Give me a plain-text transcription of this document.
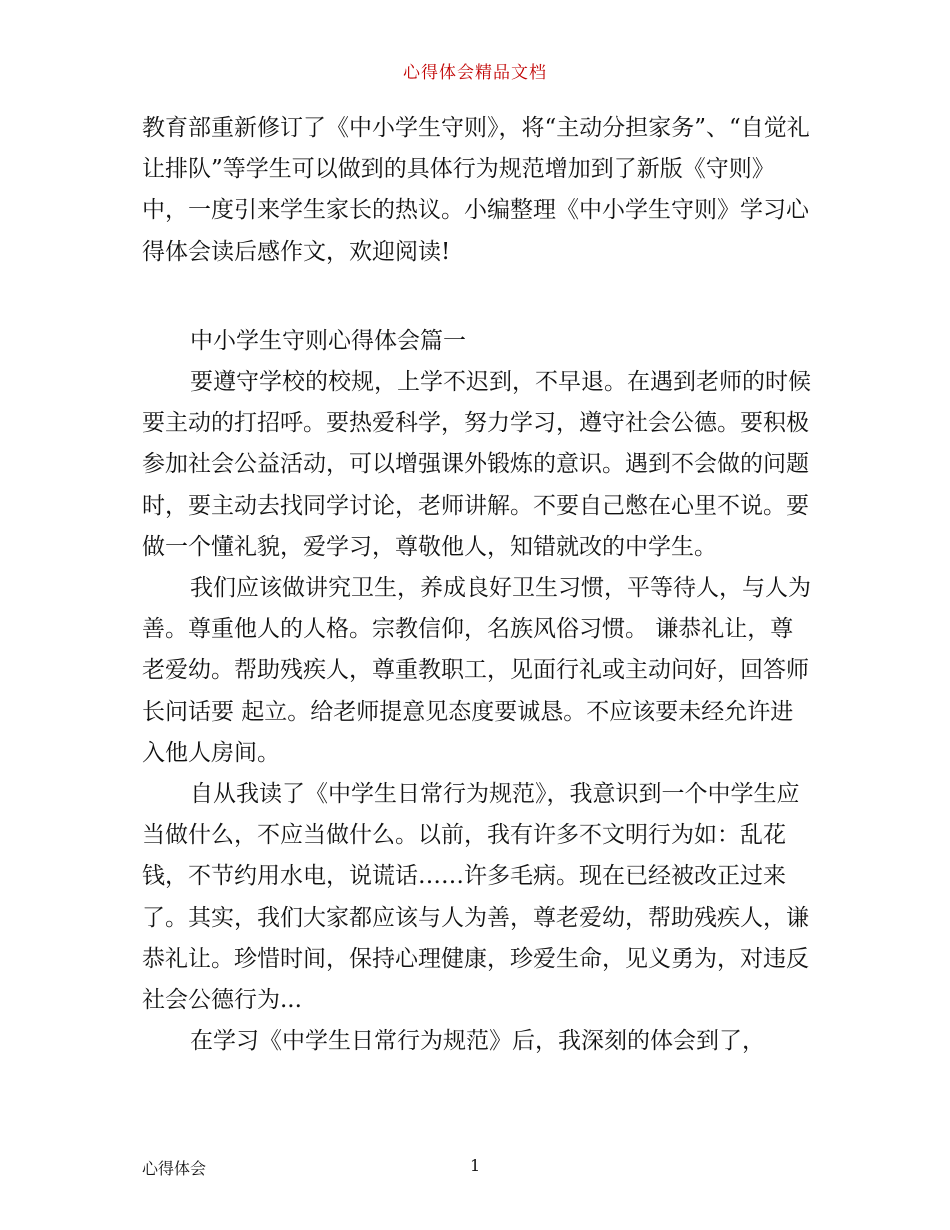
心得体会精品文档

教育部重新修订了《中小学生守则》，将“主动分担家务”、“自觉礼让排队”等学生可以做到的具体行为规范增加到了新版《守则》中，一度引来学生家长的热议。小编整理《中小学生守则》学习心得体会读后感作文，欢迎阅读!

中小学生守则心得体会篇一

要遵守学校的校规，上学不迟到，不早退。在遇到老师的时候要主动的打招呼。要热爱科学，努力学习，遵守社会公德。要积极参加社会公益活动，可以增强课外锻炼的意识。遇到不会做的问题时，要主动去找同学讨论，老师讲解。不要自己憋在心里不说。要做一个懂礼貌，爱学习，尊敬他人，知错就改的中学生。

我们应该做讲究卫生，养成良好卫生习惯，平等待人，与人为善。尊重他人的人格。宗教信仰，名族风俗习惯。 谦恭礼让，尊老爱幼。帮助残疾人，尊重教职工，见面行礼或主动问好，回答师长问话要 起立。给老师提意见态度要诚恳。不应该要未经允许进入他人房间。

自从我读了《中学生日常行为规范》，我意识到一个中学生应当做什么，不应当做什么。以前，我有许多不文明行为如：乱花钱，不节约用水电，说谎话……许多毛病。现在已经被改正过来了。其实，我们大家都应该与人为善，尊老爱幼，帮助残疾人，谦恭礼让。珍惜时间，保持心理健康，珍爱生命，见义勇为，对违反社会公德行为...

在学习《中学生日常行为规范》后，我深刻的体会到了，

心得体会	1
